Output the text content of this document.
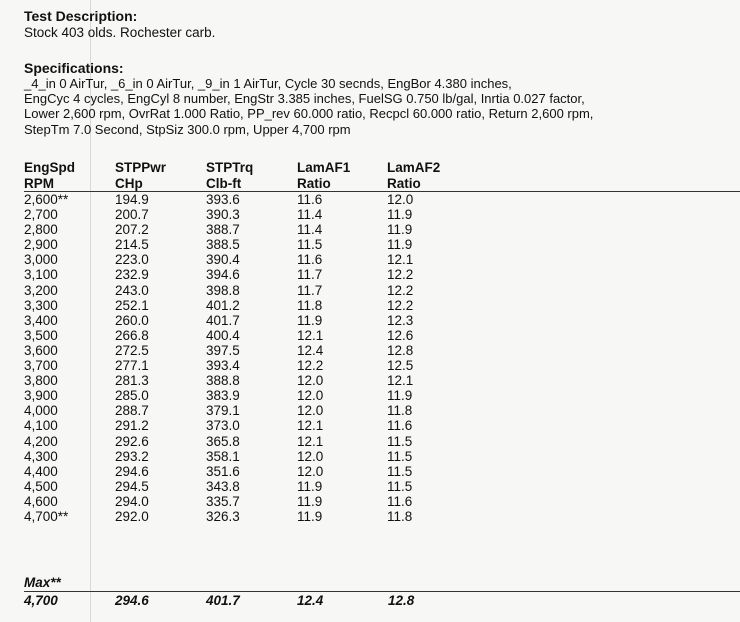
Test Description:
Stock 403 olds. Rochester carb.
Specifications:
_4_in 0 AirTur, _6_in 0 AirTur, _9_in 1 AirTur, Cycle 30 secnds, EngBor 4.380 inches,
EngCyc 4 cycles, EngCyl 8 number, EngStr 3.385 inches, FuelSG 0.750 lb/gal, Inrtia 0.027 factor,
Lower 2,600 rpm, OvrRat 1.000 Ratio, PP_rev 60.000 ratio, Recpcl 60.000 ratio, Return 2,600 rpm,
StepTm 7.0 Second, StpSiz 300.0 rpm, Upper 4,700 rpm
EngSpd	STPPwr	STPTrq	LamAF1	LamAF2
RPM	CHp	Clb-ft	Ratio	Ratio
2,600**	194.9	393.6	11.6	12.0
2,700	200.7	390.3	11.4	11.9
2,800	207.2	388.7	11.4	11.9
2,900	214.5	388.5	11.5	11.9
3,000	223.0	390.4	11.6	12.1
3,100	232.9	394.6	11.7	12.2
3,200	243.0	398.8	11.7	12.2
3,300	252.1	401.2	11.8	12.2
3,400	260.0	401.7	11.9	12.3
3,500	266.8	400.4	12.1	12.6
3,600	272.5	397.5	12.4	12.8
3,700	277.1	393.4	12.2	12.5
3,800	281.3	388.8	12.0	12.1
3,900	285.0	383.9	12.0	11.9
4,000	288.7	379.1	12.0	11.8
4,100	291.2	373.0	12.1	11.6
4,200	292.6	365.8	12.1	11.5
4,300	293.2	358.1	12.0	11.5
4,400	294.6	351.6	12.0	11.5
4,500	294.5	343.8	11.9	11.5
4,600	294.0	335.7	11.9	11.6
4,700**	292.0	326.3	11.9	11.8
Max**
4,700	294.6	401.7	12.4	12.8
